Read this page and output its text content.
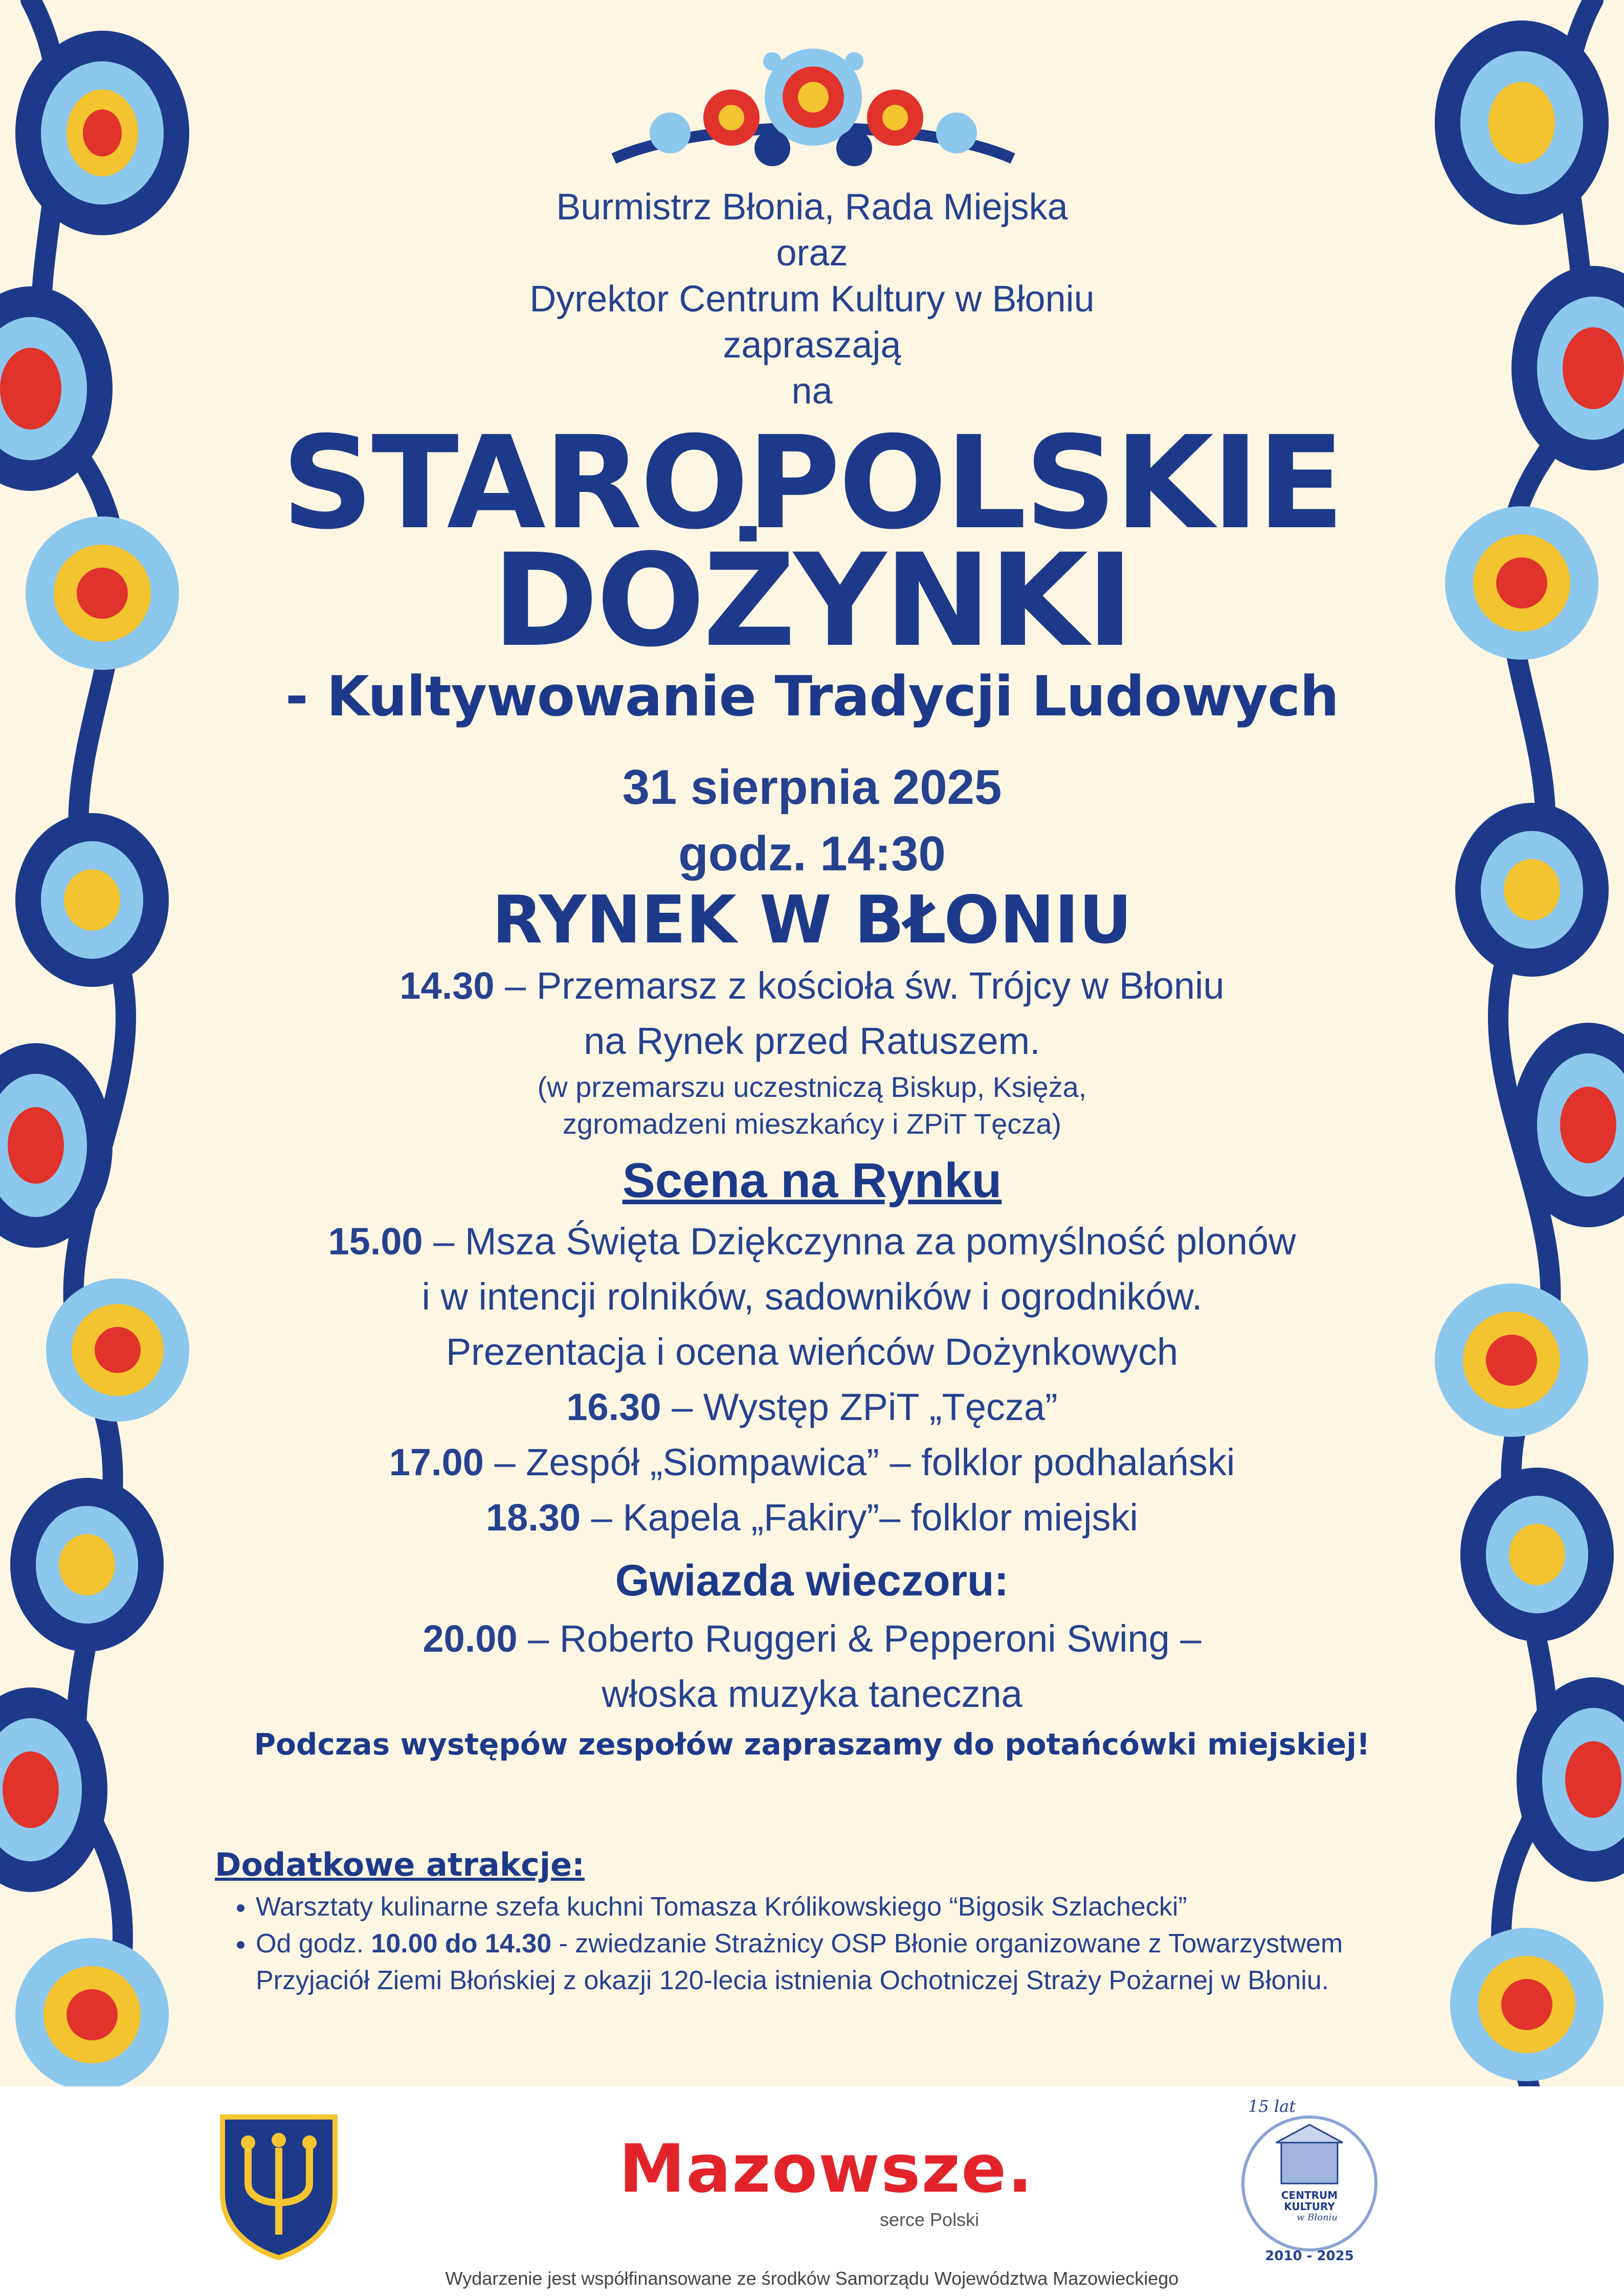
Burmistrz Błonia, Rada Miejska
oraz
Dyrektor Centrum Kultury w Błoniu
zapraszają
na
STAROPOLSKIE
DOŻYNKI
- Kultywowanie Tradycji Ludowych
31 sierpnia 2025
godz. 14:30
RYNEK W BŁONIU
14.30 – Przemarsz z kościoła św. Trójcy w Błoniu
na Rynek przed Ratuszem.
(w przemarszu uczestniczą Biskup, Księża,
zgromadzeni mieszkańcy i ZPiT Tęcza)
Scena na Rynku
15.00 – Msza Święta Dziękczynna za pomyślność plonów
i w intencji rolników, sadowników i ogrodników.
Prezentacja i ocena wieńców Dożynkowych
16.30 – Występ ZPiT „Tęcza”
17.00 – Zespół „Siompawica” – folklor podhalański
18.30 – Kapela „Fakiry”– folklor miejski
Gwiazda wieczoru:
20.00 – Roberto Ruggeri & Pepperoni Swing –
włoska muzyka taneczna
Podczas występów zespołów zapraszamy do potańcówki miejskiej!
Dodatkowe atrakcje:
• Warsztaty kulinarne szefa kuchni Tomasza Królikowskiego “Bigosik Szlachecki”
• Od godz. 10.00 do 14.30 - zwiedzanie Strażnicy OSP Błonie organizowane z Towarzystwem Przyjaciół Ziemi Błońskiej z okazji 120-lecia istnienia Ochotniczej Straży Pożarnej w Błoniu.
Mazowsze.
serce Polski
15 lat
CENTRUM
KULTURY
w Błoniu
2010 - 2025
Wydarzenie jest współfinansowane ze środków Samorządu Województwa Mazowieckiego
